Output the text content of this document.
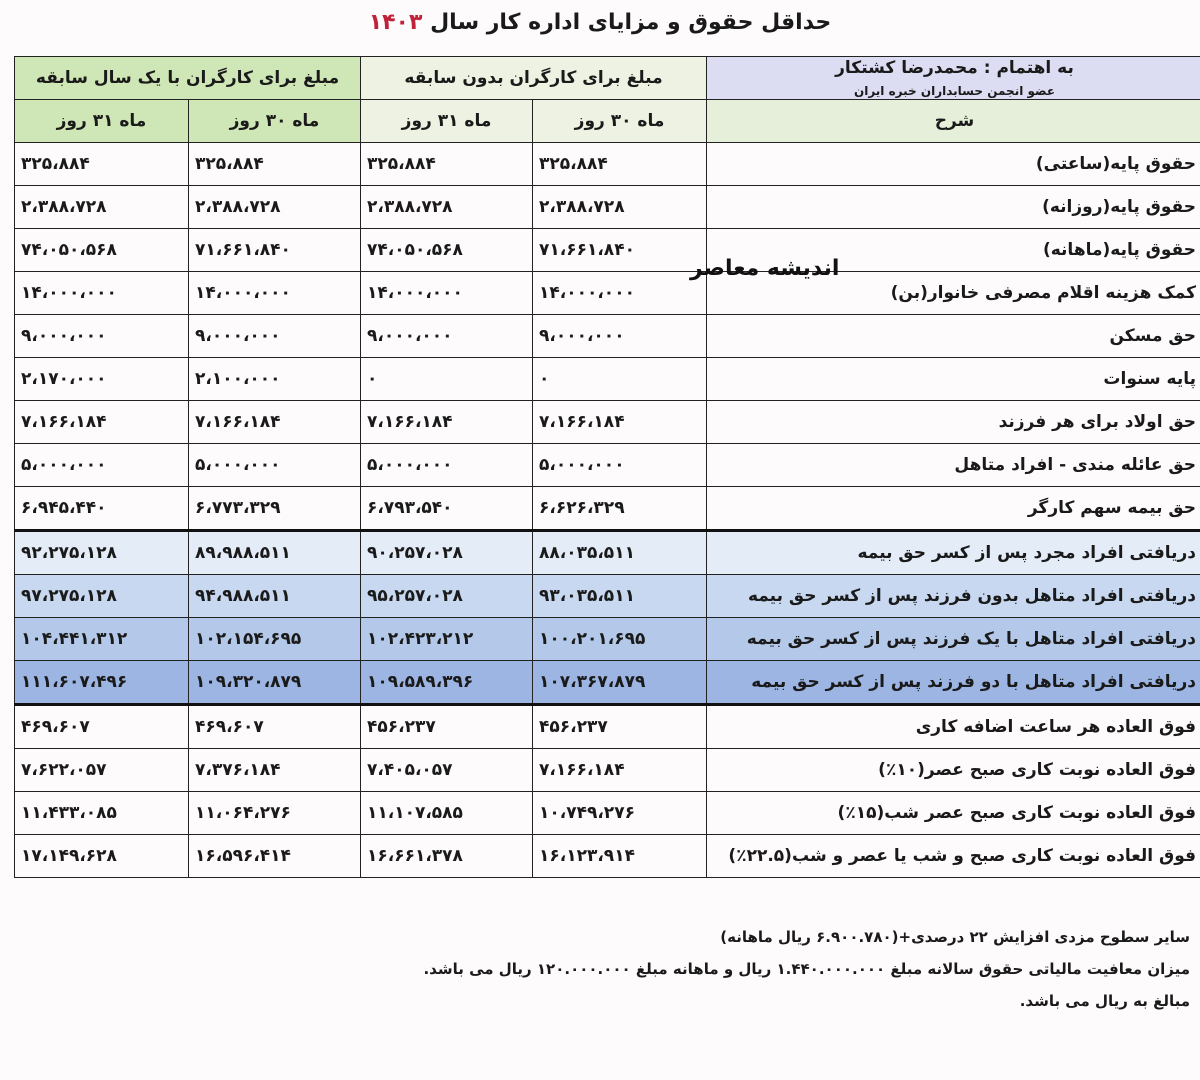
حداقل حقوق و مزایای اداره کار سال ۱۴۰۳
به اهتمام : محمدرضا کشتکار
عضو انجمن حسابداران خبره ایران	مبلغ برای کارگران بدون سابقه		مبلغ برای کارگران با یک سال سابقه	
شرح	ماه ۳۰ روز	ماه ۳۱ روز	ماه ۳۰ روز	ماه ۳۱ روز
حقوق پایه(ساعتی)	۳۲۵،۸۸۴	۳۲۵،۸۸۴	۳۲۵،۸۸۴	۳۲۵،۸۸۴
حقوق پایه(روزانه)	۲،۳۸۸،۷۲۸	۲،۳۸۸،۷۲۸	۲،۳۸۸،۷۲۸	۲،۳۸۸،۷۲۸
حقوق پایه(ماهانه)	۷۱،۶۶۱،۸۴۰	۷۴،۰۵۰،۵۶۸	۷۱،۶۶۱،۸۴۰	۷۴،۰۵۰،۵۶۸
کمک هزینه اقلام مصرفی خانوار(بن)	۱۴،۰۰۰،۰۰۰	۱۴،۰۰۰،۰۰۰	۱۴،۰۰۰،۰۰۰	۱۴،۰۰۰،۰۰۰
حق مسکن	۹،۰۰۰،۰۰۰	۹،۰۰۰،۰۰۰	۹،۰۰۰،۰۰۰	۹،۰۰۰،۰۰۰
پایه سنوات	۰	۰	۲،۱۰۰،۰۰۰	۲،۱۷۰،۰۰۰
حق اولاد برای هر فرزند	۷،۱۶۶،۱۸۴	۷،۱۶۶،۱۸۴	۷،۱۶۶،۱۸۴	۷،۱۶۶،۱۸۴
حق عائله مندی - افراد متاهل	۵،۰۰۰،۰۰۰	۵،۰۰۰،۰۰۰	۵،۰۰۰،۰۰۰	۵،۰۰۰،۰۰۰
حق بیمه سهم کارگر	۶،۶۲۶،۳۲۹	۶،۷۹۳،۵۴۰	۶،۷۷۳،۳۲۹	۶،۹۴۵،۴۴۰
دریافتی افراد مجرد پس از کسر حق بیمه	۸۸،۰۳۵،۵۱۱	۹۰،۲۵۷،۰۲۸	۸۹،۹۸۸،۵۱۱	۹۲،۲۷۵،۱۲۸
دریافتی افراد متاهل بدون فرزند پس از کسر حق بیمه	۹۳،۰۳۵،۵۱۱	۹۵،۲۵۷،۰۲۸	۹۴،۹۸۸،۵۱۱	۹۷،۲۷۵،۱۲۸
دریافتی افراد متاهل با یک فرزند پس از کسر حق بیمه	۱۰۰،۲۰۱،۶۹۵	۱۰۲،۴۲۳،۲۱۲	۱۰۲،۱۵۴،۶۹۵	۱۰۴،۴۴۱،۳۱۲
دریافتی افراد متاهل با دو فرزند پس از کسر حق بیمه	۱۰۷،۳۶۷،۸۷۹	۱۰۹،۵۸۹،۳۹۶	۱۰۹،۳۲۰،۸۷۹	۱۱۱،۶۰۷،۴۹۶
فوق العاده هر ساعت اضافه کاری	۴۵۶،۲۳۷	۴۵۶،۲۳۷	۴۶۹،۶۰۷	۴۶۹،۶۰۷
فوق العاده نوبت کاری صبح عصر(۱۰٪)	۷،۱۶۶،۱۸۴	۷،۴۰۵،۰۵۷	۷،۳۷۶،۱۸۴	۷،۶۲۲،۰۵۷
فوق العاده نوبت کاری صبح عصر شب(۱۵٪)	۱۰،۷۴۹،۲۷۶	۱۱،۱۰۷،۵۸۵	۱۱،۰۶۴،۲۷۶	۱۱،۴۳۳،۰۸۵
فوق العاده نوبت کاری صبح و شب یا عصر و شب(۲۲.۵٪)	۱۶،۱۲۳،۹۱۴	۱۶،۶۶۱،۳۷۸	۱۶،۵۹۶،۴۱۴	۱۷،۱۴۹،۶۲۸
اندیشه معاصر
سایر سطوح مزدی افزایش ۲۲ درصدی+(۶.۹۰۰.۷۸۰ ریال ماهانه)
میزان معافیت مالیاتی حقوق سالانه مبلغ ۱.۴۴۰.۰۰۰.۰۰۰ ریال و ماهانه مبلغ ۱۲۰.۰۰۰.۰۰۰ ریال می باشد.
مبالغ به ریال می باشد.
